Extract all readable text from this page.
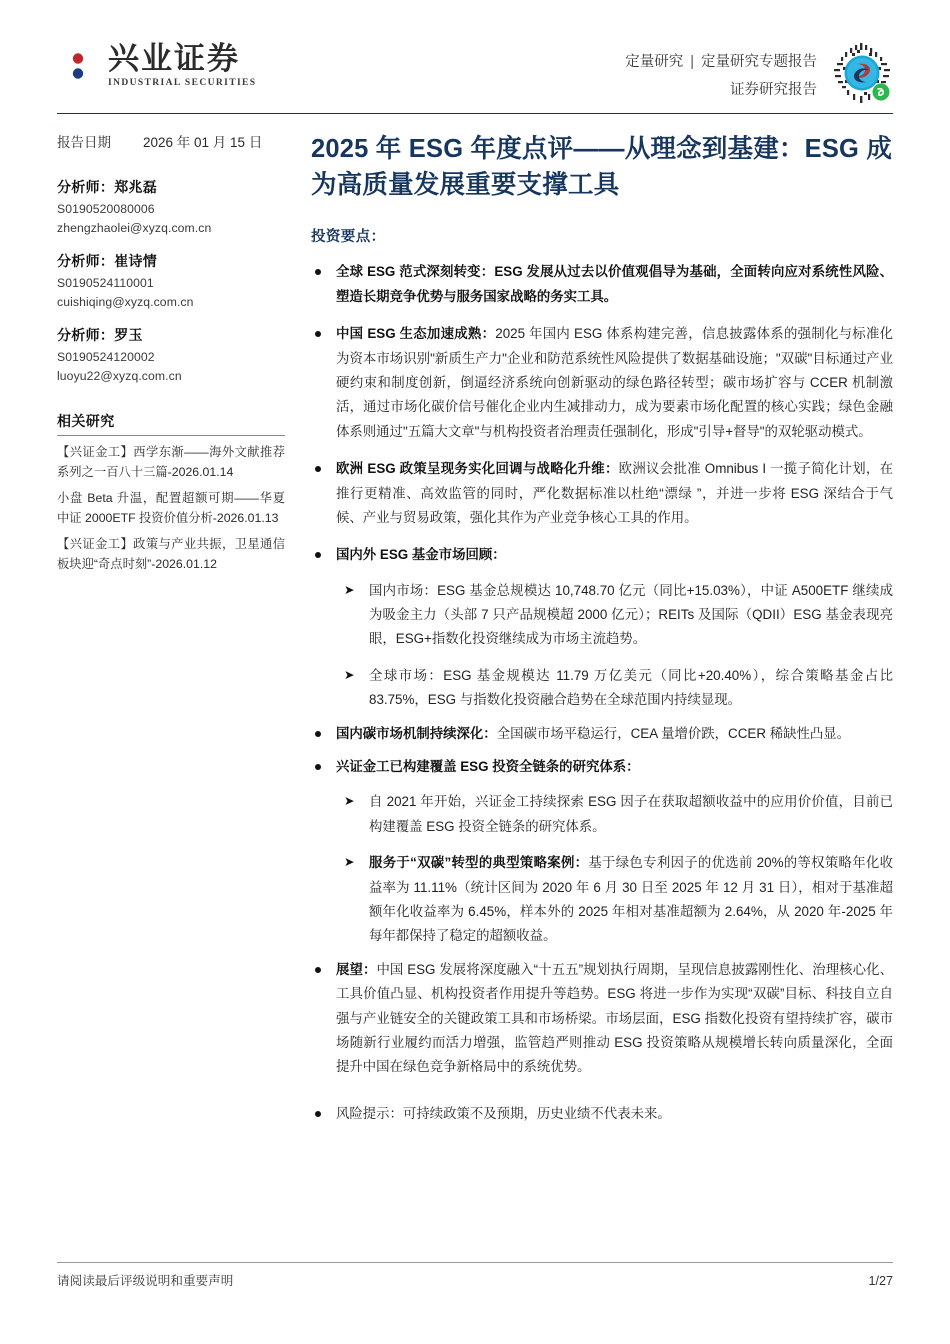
兴业证券
INDUSTRIAL SECURITIES
定量研究 | 定量研究专题报告
证券研究报告
报告日期	2026 年 01 月 15 日
分析师：郑兆磊
S0190520080006
zhengzhaolei@xyzq.com.cn
分析师：崔诗情
S0190524110001
cuishiqing@xyzq.com.cn
分析师：罗玉
S0190524120002
luoyu22@xyzq.com.cn
相关研究
【兴证金工】西学东渐——海外文献推荐系列之一百八十三篇-2026.01.14
小盘 Beta 升温，配置超额可期——华夏中证 2000ETF 投资价值分析-2026.01.13
【兴证金工】政策与产业共振，卫星通信板块迎“奇点时刻”-2026.01.12
2025 年 ESG 年度点评——从理念到基建：ESG 成为高质量发展重要支撑工具
投资要点：
全球 ESG 范式深刻转变：ESG 发展从过去以价值观倡导为基础，全面转向应对系统性风险、塑造长期竞争优势与服务国家战略的务实工具。
中国 ESG 生态加速成熟：2025 年国内 ESG 体系构建完善，信息披露体系的强制化与标准化为资本市场识别"新质生产力"企业和防范系统性风险提供了数据基础设施；"双碳"目标通过产业硬约束和制度创新，倒逼经济系统向创新驱动的绿色路径转型；碳市场扩容与 CCER 机制激活，通过市场化碳价信号催化企业内生减排动力，成为要素市场化配置的核心实践；绿色金融体系则通过"五篇大文章"与机构投资者治理责任强制化，形成"引导+督导"的双轮驱动模式。
欧洲 ESG 政策呈现务实化回调与战略化升维：欧洲议会批准 Omnibus I 一揽子简化计划，在推行更精准、高效监管的同时，严化数据标准以杜绝“漂绿 ”，并进一步将 ESG 深结合于气候、产业与贸易政策，强化其作为产业竞争核心工具的作用。
国内外 ESG 基金市场回顾：
➤ 国内市场：ESG 基金总规模达 10,748.70 亿元（同比+15.03%），中证 A500ETF 继续成为吸金主力（头部 7 只产品规模超 2000 亿元）；REITs 及国际（QDII）ESG 基金表现亮眼，ESG+指数化投资继续成为市场主流趋势。
➤ 全球市场：ESG 基金规模达 11.79 万亿美元（同比+20.40%），综合策略基金占比 83.75%，ESG 与指数化投资融合趋势在全球范围内持续显现。
国内碳市场机制持续深化：全国碳市场平稳运行，CEA 量增价跌，CCER 稀缺性凸显。
兴证金工已构建覆盖 ESG 投资全链条的研究体系：
➤ 自 2021 年开始，兴证金工持续探索 ESG 因子在获取超额收益中的应用价价值，目前已构建覆盖 ESG 投资全链条的研究体系。
➤ 服务于“双碳”转型的典型策略案例：基于绿色专利因子的优选前 20%的等权策略年化收益率为 11.11%（统计区间为 2020 年 6 月 30 日至 2025 年 12 月 31 日），相对于基准超额年化收益率为 6.45%，样本外的 2025 年相对基准超额为 2.64%，从 2020 年-2025 年每年都保持了稳定的超额收益。
展望：中国 ESG 发展将深度融入“十五五”规划执行周期，呈现信息披露刚性化、治理核心化、工具价值凸显、机构投资者作用提升等趋势。ESG 将进一步作为实现“双碳”目标、科技自立自强与产业链安全的关键政策工具和市场桥梁。市场层面，ESG 指数化投资有望持续扩容，碳市场随新行业履约而活力增强，监管趋严则推动 ESG 投资策略从规模增长转向质量深化，全面提升中国在绿色竞争新格局中的系统优势。
风险提示：可持续政策不及预期，历史业绩不代表未来。
请阅读最后评级说明和重要声明	1/27
